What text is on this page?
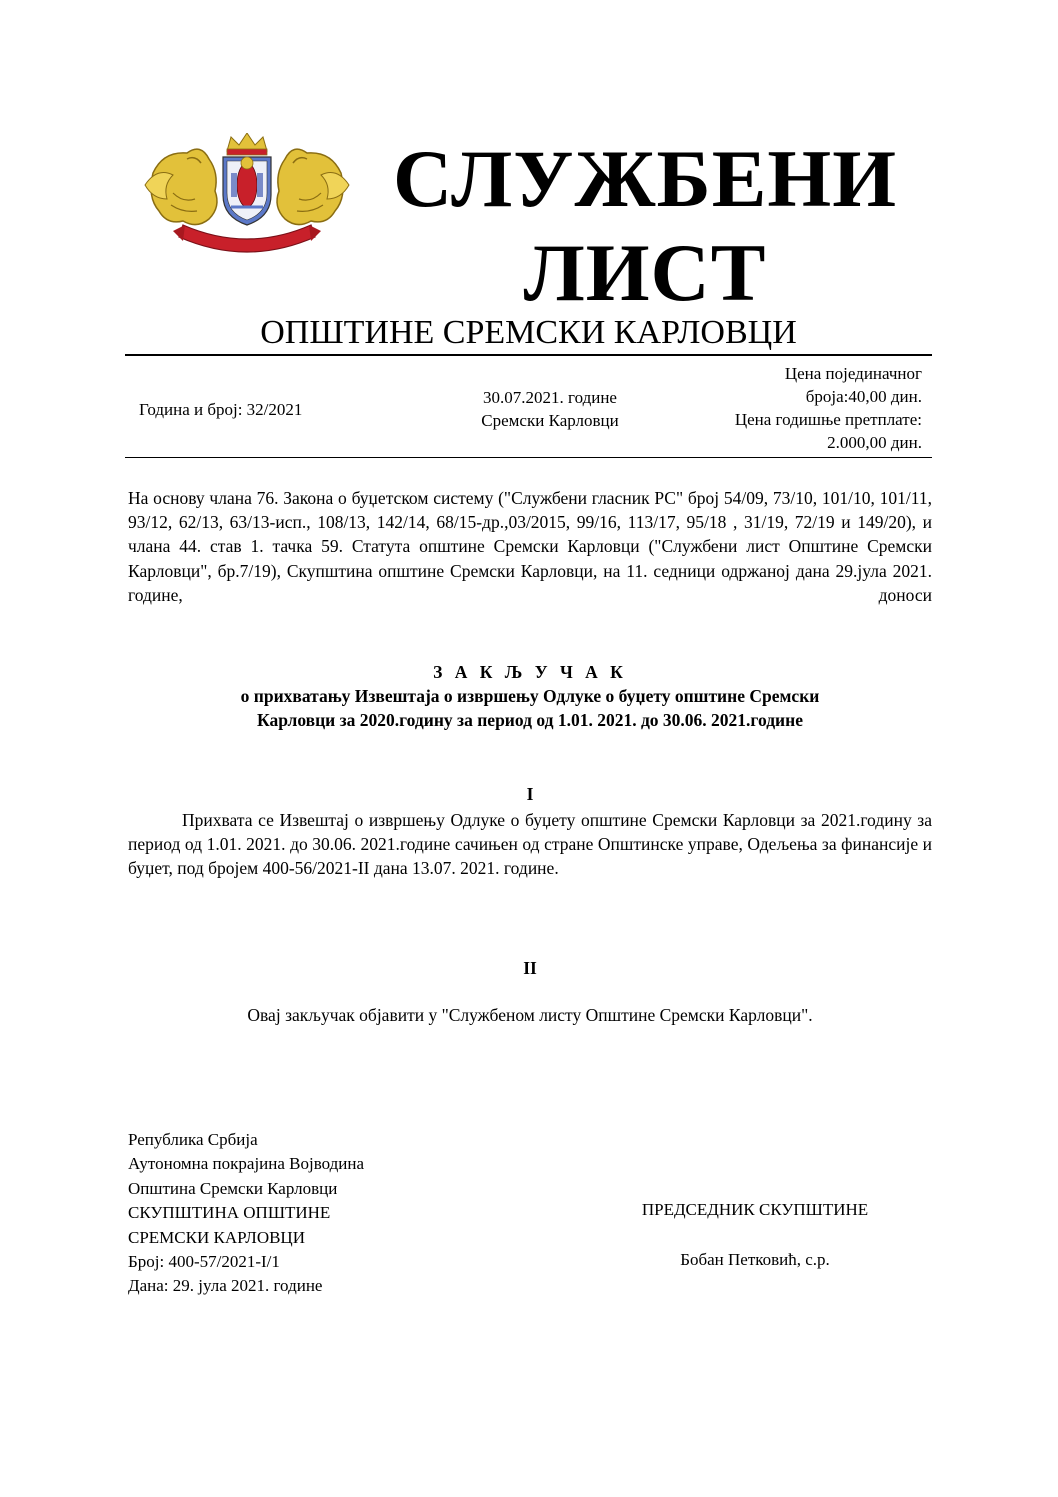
СЛУЖБЕНИ
ЛИСТ
ОПШТИНЕ СРЕМСКИ КАРЛОВЦИ
Година и број: 32/2021
30.07.2021. године
Сремски Карловци
Цена појединачног
броја:40,00 дин.
Цена годишње претплате:
2.000,00 дин.
На основу члана 76. Закона о буџетском систему ("Службени гласник РС" број 54/09, 73/10, 101/10, 101/11, 93/12, 62/13, 63/13-исп., 108/13, 142/14, 68/15-др.,03/2015, 99/16, 113/17, 95/18 , 31/19, 72/19 и 149/20), и члана 44. став 1. тачка 59. Статута општине Сремски Карловци ("Службени лист Општине Сремски Карловци", бр.7/19), Скупштина општине Сремски Карловци, на 11. седници одржаној дана 29.јула 2021. године, доноси
З А К Љ У Ч А К
о прихватању Извештаја о извршењу Одлуке о буџету општине Сремски
Карловци за 2020.годину за период од 1.01. 2021. до 30.06. 2021.године
I
Прихвата се Извештај о извршењу Одлуке о буџету општине Сремски Карловци за 2021.годину за период од 1.01. 2021. до 30.06. 2021.године сачињен од стране Општинске управе, Одељења за финансије и буџет, под бројем 400-56/2021-II дана 13.07. 2021. године.
II
Овај закључак објавити у "Службеном листу Општине Сремски Карловци".
Република Србија
Аутономна покрајина Војводина
Општина Сремски Карловци
СКУПШТИНА ОПШТИНЕ
СРЕМСКИ КАРЛОВЦИ
Број: 400-57/2021-I/1
Дана: 29. јула 2021. године
ПРЕДСЕДНИК СКУПШТИНЕ
Бобан Петковић, с.р.
